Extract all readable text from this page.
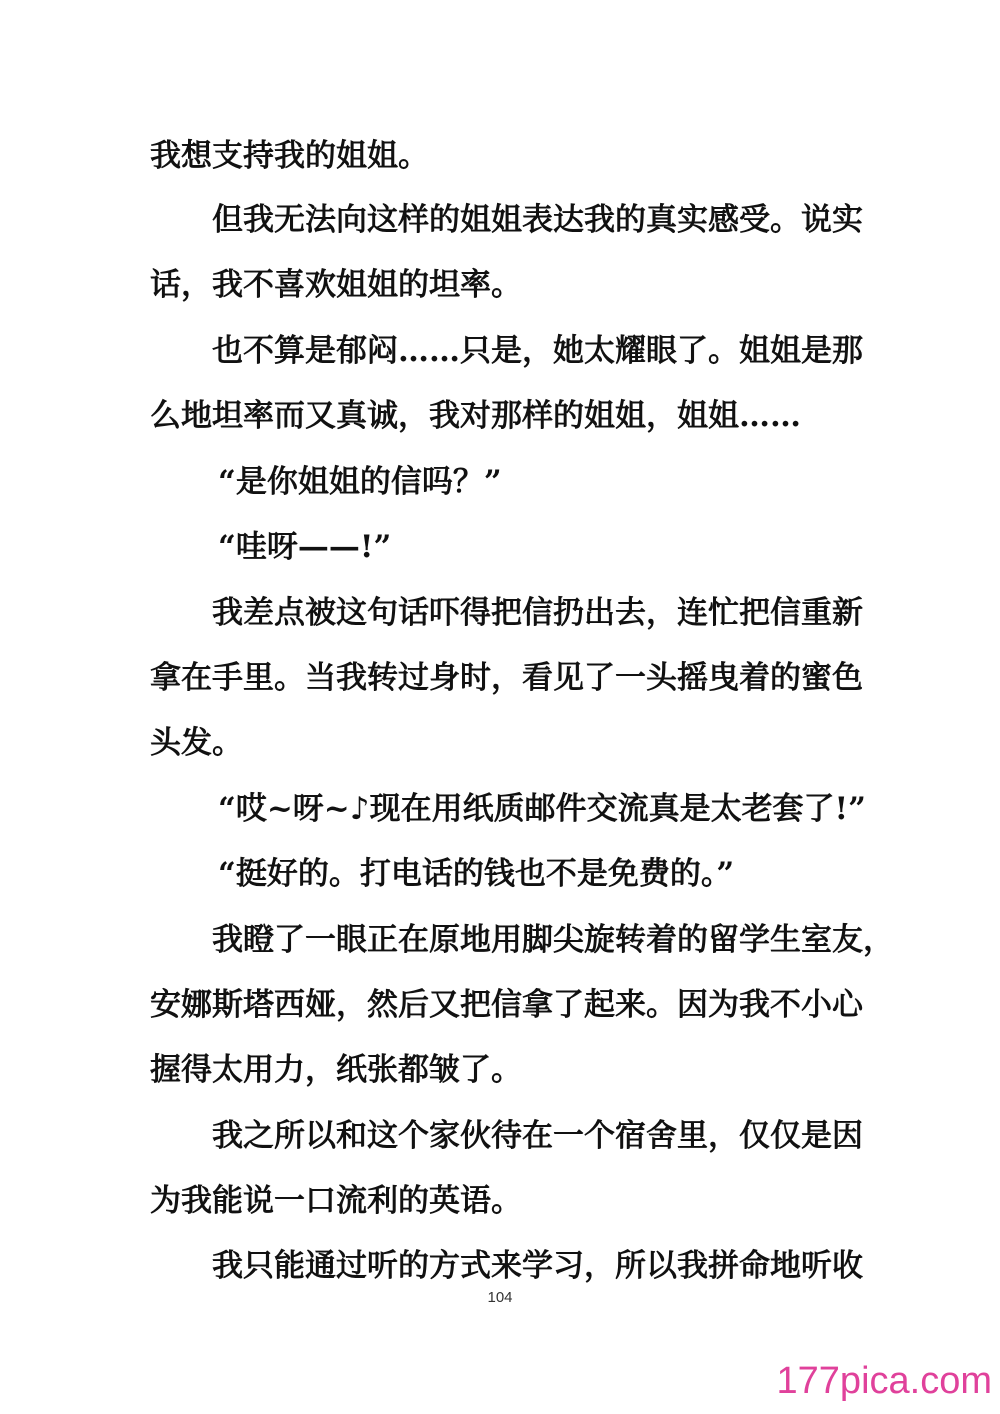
我想支持我的姐姐。
但我无法向这样的姐姐表达我的真实感受。说实
话，我不喜欢姐姐的坦率。
也不算是郁闷……只是，她太耀眼了。姐姐是那
么地坦率而又真诚，我对那样的姐姐，姐姐……
“是你姐姐的信吗？”
“哇呀——!”
我差点被这句话吓得把信扔出去，连忙把信重新
拿在手里。当我转过身时，看见了一头摇曳着的蜜色
头发。
“哎~呀~♪现在用纸质邮件交流真是太老套了!”
“挺好的。打电话的钱也不是免费的。”
我瞪了一眼正在原地用脚尖旋转着的留学生室友，
安娜斯塔西娅，然后又把信拿了起来。因为我不小心
握得太用力，纸张都皱了。
我之所以和这个家伙待在一个宿舍里，仅仅是因
为我能说一口流利的英语。
我只能通过听的方式来学习，所以我拼命地听收
104
177pica.com
